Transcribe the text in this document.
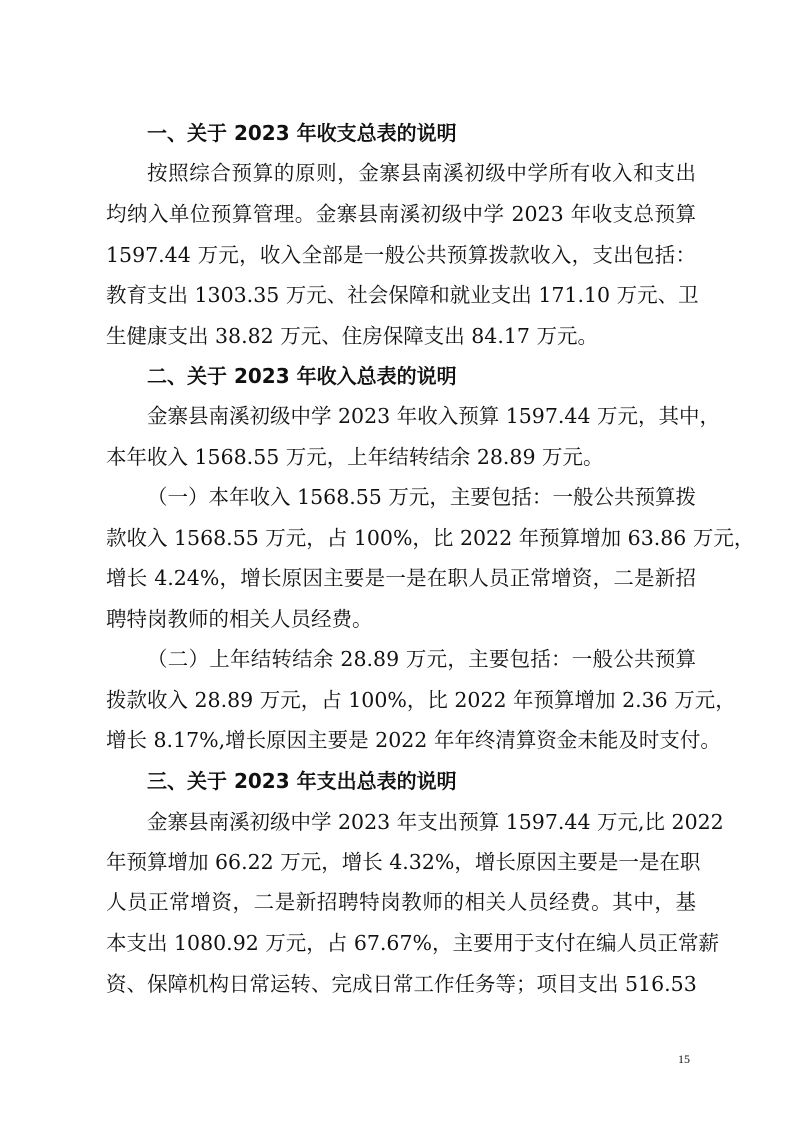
一、关于 2023 年收支总表的说明
按照综合预算的原则，金寨县南溪初级中学所有收入和支出
均纳入单位预算管理。金寨县南溪初级中学 2023 年收支总预算
1597.44 万元，收入全部是一般公共预算拨款收入，支出包括：
教育支出 1303.35 万元、社会保障和就业支出 171.10 万元、卫
生健康支出 38.82 万元、住房保障支出 84.17 万元。
二、关于 2023 年收入总表的说明
金寨县南溪初级中学 2023 年收入预算 1597.44 万元，其中，
本年收入 1568.55 万元，上年结转结余 28.89 万元。
（一）本年收入 1568.55 万元，主要包括：一般公共预算拨
款收入 1568.55 万元，占 100%，比 2022 年预算增加 63.86 万元，
增长 4.24%，增长原因主要是一是在职人员正常增资，二是新招
聘特岗教师的相关人员经费。
（二）上年结转结余 28.89 万元，主要包括：一般公共预算
拨款收入 28.89 万元，占 100%，比 2022 年预算增加 2.36 万元，
增长 8.17%,增长原因主要是 2022 年年终清算资金未能及时支付。
三、关于 2023 年支出总表的说明
金寨县南溪初级中学 2023 年支出预算 1597.44 万元,比 2022
年预算增加 66.22 万元，增长 4.32%，增长原因主要是一是在职
人员正常增资，二是新招聘特岗教师的相关人员经费。其中，基
本支出 1080.92 万元，占 67.67%，主要用于支付在编人员正常薪
资、保障机构日常运转、完成日常工作任务等；项目支出 516.53
15
